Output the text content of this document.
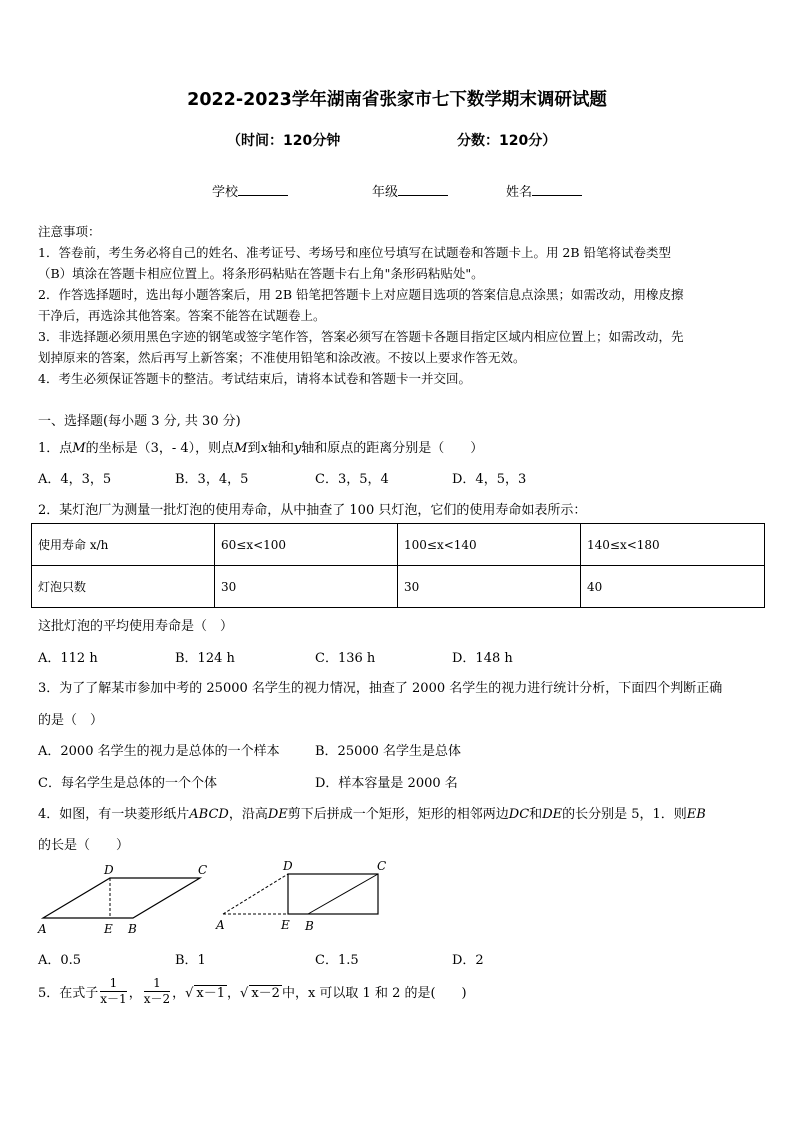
2022-2023学年湖南省张家市七下数学期末调研试题
（时间：120分钟	分数：120分）
学校	年级	姓名
注意事项：
1．答卷前，考生务必将自己的姓名、准考证号、考场号和座位号填写在试题卷和答题卡上。用 2B 铅笔将试卷类型
（B）填涂在答题卡相应位置上。将条形码粘贴在答题卡右上角"条形码粘贴处"。
2．作答选择题时，选出每小题答案后，用 2B 铅笔把答题卡上对应题目选项的答案信息点涂黑；如需改动，用橡皮擦
干净后，再选涂其他答案。答案不能答在试题卷上。
3．非选择题必须用黑色字迹的钢笔或签字笔作答，答案必须写在答题卡各题目指定区域内相应位置上；如需改动，先
划掉原来的答案，然后再写上新答案；不准使用铅笔和涂改液。不按以上要求作答无效。
4．考生必须保证答题卡的整洁。考试结束后，请将本试卷和答题卡一并交回。
一、选择题(每小题 3 分, 共 30 分)
1．点M的坐标是（3，- 4），则点M到x轴和y轴和原点的距离分别是（　　）
A．4，3，5	B．3，4，5	C．3，5，4	D．4，5，3
2．某灯泡厂为测量一批灯泡的使用寿命，从中抽查了 100 只灯泡，它们的使用寿命如表所示：
使用寿命 x/h	60≤x<100	100≤x<140	140≤x<180
灯泡只数	30	30	40
这批灯泡的平均使用寿命是（　）
A．112 h	B．124 h	C．136 h	D．148 h
3．为了了解某市参加中考的 25000 名学生的视力情况，抽查了 2000 名学生的视力进行统计分析，下面四个判断正确
的是（　）
A．2000 名学生的视力是总体的一个样本	B．25000 名学生是总体
C．每名学生是总体的一个个体	D．样本容量是 2000 名
4．如图，有一块菱形纸片ABCD，沿高DE剪下后拼成一个矩形，矩形的相邻两边DC和DE的长分别是 5，1．则EB
的长是（　　）
D	C
A	E B
D	C
A	E B
A．0.5	B．1	C．1.5	D．2
5．在式子 $\frac{1}{x-1}$ ， $\frac{1}{x-2}$ ， √ x－1 ， √ x－2 中，x 可以取 1 和 2 的是(　　)
